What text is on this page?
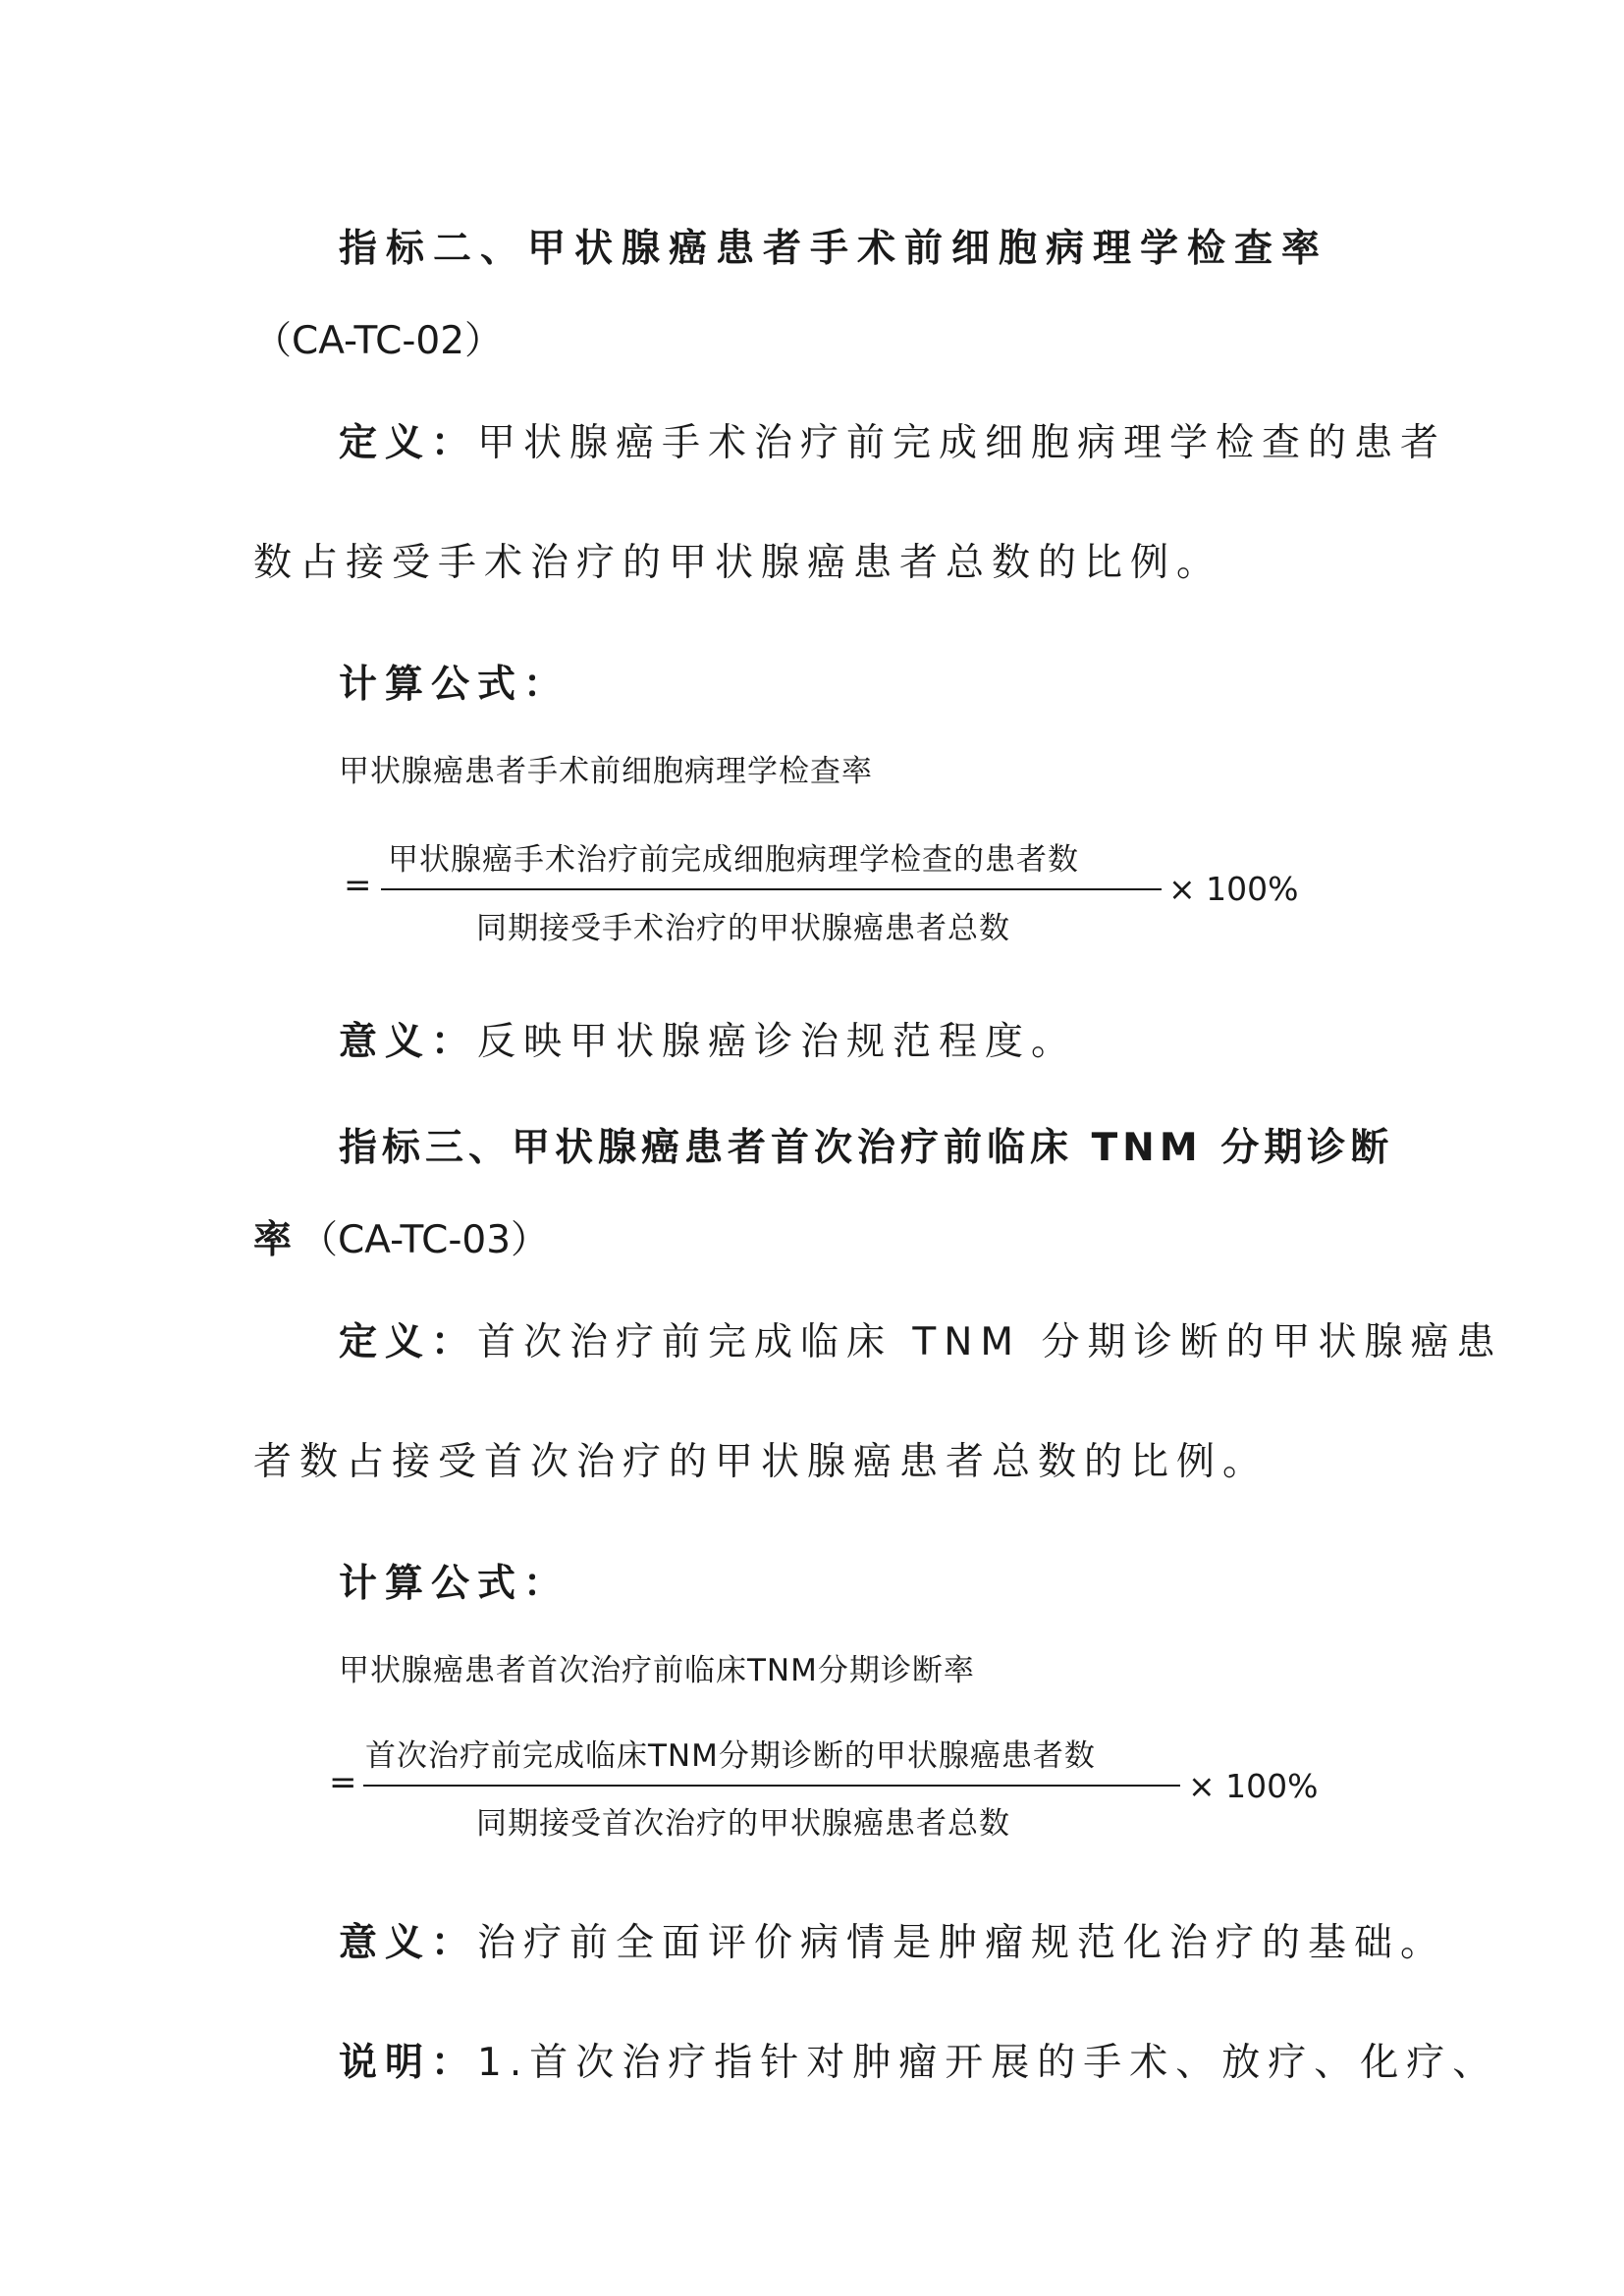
指标二、甲状腺癌患者手术前细胞病理学检查率
（CA-TC-02）
定义：甲状腺癌手术治疗前完成细胞病理学检查的患者
数占接受手术治疗的甲状腺癌患者总数的比例。
计算公式：
甲状腺癌患者手术前细胞病理学检查率
甲状腺癌手术治疗前完成细胞病理学检查的患者数
=	× 100%
同期接受手术治疗的甲状腺癌患者总数
意义：反映甲状腺癌诊治规范程度。
指标三、甲状腺癌患者首次治疗前临床 TNM 分期诊断
率（CA-TC-03）
定义：首次治疗前完成临床 TNM 分期诊断的甲状腺癌患
者数占接受首次治疗的甲状腺癌患者总数的比例。
计算公式：
甲状腺癌患者首次治疗前临床TNM分期诊断率
首次治疗前完成临床TNM分期诊断的甲状腺癌患者数
=	× 100%
同期接受首次治疗的甲状腺癌患者总数
意义：治疗前全面评价病情是肿瘤规范化治疗的基础。
说明：1.首次治疗指针对肿瘤开展的手术、放疗、化疗、
